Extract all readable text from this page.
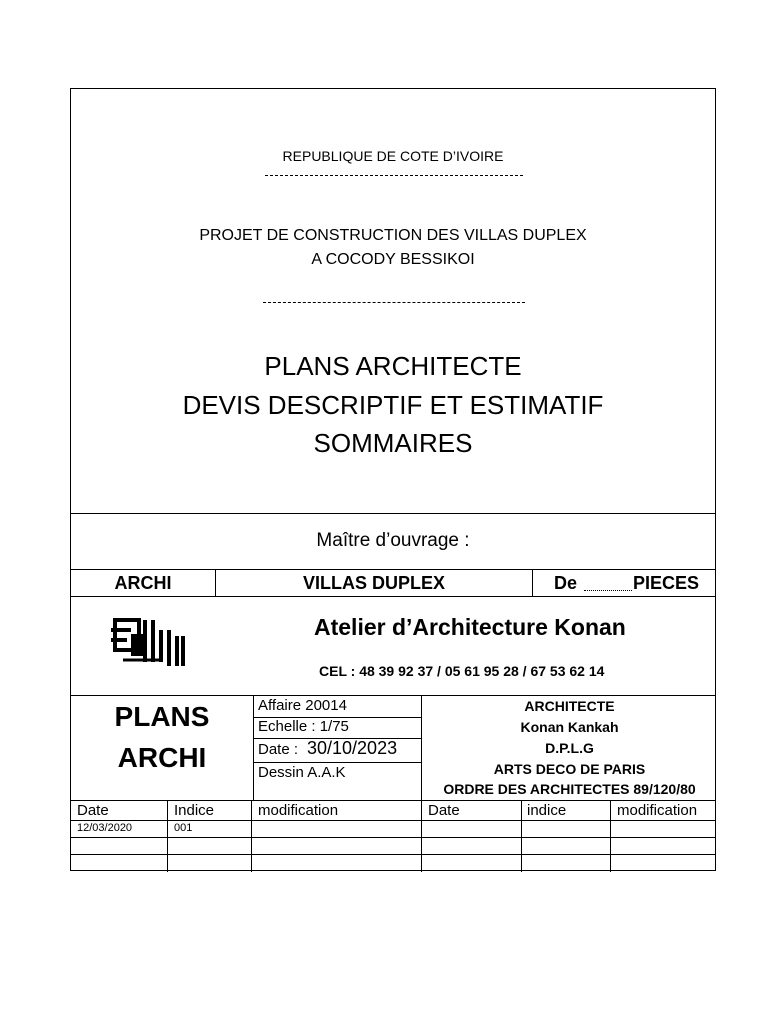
REPUBLIQUE DE COTE D’IVOIRE
PROJET DE CONSTRUCTION DES VILLAS DUPLEX
A COCODY BESSIKOI
PLANS ARCHITECTE
DEVIS DESCRIPTIF ET ESTIMATIF
SOMMAIRES
Maître d’ouvrage :
ARCHI	VILLAS DUPLEX	De	PIECES
Atelier d’Architecture Konan
CEL : 48 39 92 37 / 05 61 95 28 / 67 53 62 14
PLANS
ARCHI
Affaire 20014
Echelle : 1/75
Date : 30/10/2023
Dessin A.A.K
ARCHITECTE
Konan Kankah
D.P.L.G
ARTS DECO DE PARIS
ORDRE DES ARCHITECTES 89/120/80
Date	Indice	modification	Date	indice	modification
12/03/2020	001
